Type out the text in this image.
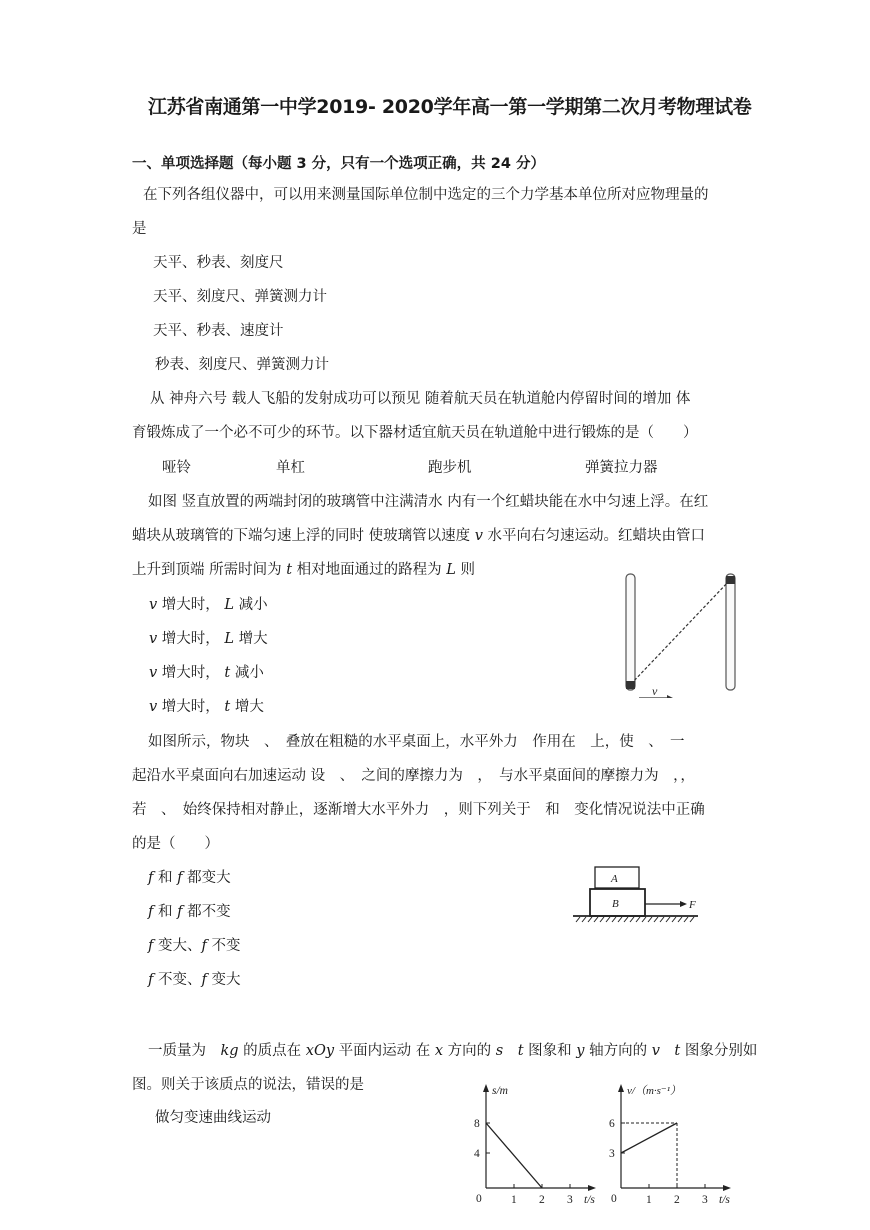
江苏省南通第一中学2019- 2020学年高一第一学期第二次月考物理试卷
一、单项选择题（每小题 3 分，只有一个选项正确，共 24 分）
在下列各组仪器中，可以用来测量国际单位制中选定的三个力学基本单位所对应物理量的
是
天平、秒表、刻度尺
天平、刻度尺、弹簧测力计
天平、秒表、速度计
秒表、刻度尺、弹簧测力计
从 神舟六号 载人飞船的发射成功可以预见 随着航天员在轨道舱内停留时间的增加 体
育锻炼成了一个必不可少的环节。以下器材适宜航天员在轨道舱中进行锻炼的是（　　）
哑铃	单杠	跑步机	弹簧拉力器
如图 竖直放置的两端封闭的玻璃管中注满清水 内有一个红蜡块能在水中匀速上浮。在红
蜡块从玻璃管的下端匀速上浮的同时 使玻璃管以速度 v 水平向右匀速运动。红蜡块由管口
上升到顶端 所需时间为 t 相对地面通过的路程为 L 则
v 增大时， L 减小
v 增大时， L 增大
v 增大时， t 减小
v 增大时， t 增大
v
如图所示，物块　、　叠放在粗糙的水平桌面上，水平外力　作用在　上，使　、　一
起沿水平桌面向右加速运动 设　、　之间的摩擦力为　，　与水平桌面间的摩擦力为　，，
若　、　始终保持相对静止，逐渐增大水平外力　，则下列关于　和　变化情况说法中正确
的是（　　）
f 和 f 都变大
f 和 f 都不变
f 变大、f 不变
f 不变、f 变大
A
B	F
一质量为　kg 的质点在 xOy 平面内运动 在 x 方向的 s　 t 图象和 y 轴方向的 v　 t 图象分别如
图。则关于该质点的说法，错误的是
做匀变速曲线运动
s/m
t/s
0
8
4
1 2 3
v/（m·s⁻¹）
t/s
0
6
3
1 2 3
